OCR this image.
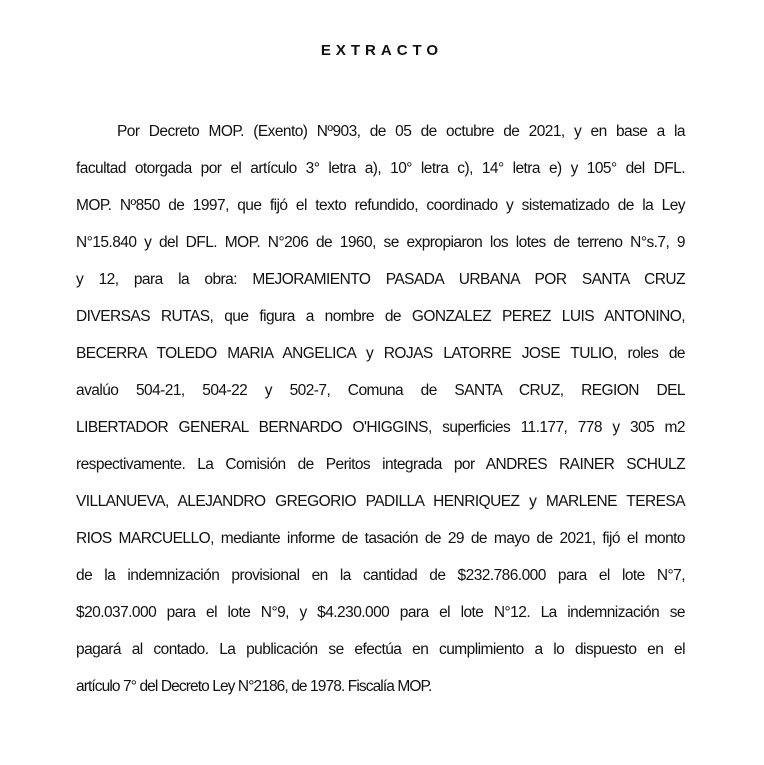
EXTRACTO
Por Decreto MOP. (Exento) Nº903, de 05 de octubre de 2021, y en base a la
facultad otorgada por el artículo 3° letra a), 10° letra c), 14° letra e) y 105° del DFL.
MOP. Nº850 de 1997, que fijó el texto refundido, coordinado y sistematizado de la Ley
N°15.840 y del DFL. MOP. N°206 de 1960, se expropiaron los lotes de terreno N°s.7, 9
y 12, para la obra: MEJORAMIENTO PASADA URBANA POR SANTA CRUZ
DIVERSAS RUTAS, que figura a nombre de GONZALEZ PEREZ LUIS ANTONINO,
BECERRA TOLEDO MARIA ANGELICA y ROJAS LATORRE JOSE TULIO, roles de
avalúo 504-21, 504-22 y 502-7, Comuna de SANTA CRUZ, REGION DEL
LIBERTADOR GENERAL BERNARDO O'HIGGINS, superficies 11.177, 778 y 305 m2
respectivamente. La Comisión de Peritos integrada por ANDRES RAINER SCHULZ
VILLANUEVA, ALEJANDRO GREGORIO PADILLA HENRIQUEZ y MARLENE TERESA
RIOS MARCUELLO, mediante informe de tasación de 29 de mayo de 2021, fijó el monto
de la indemnización provisional en la cantidad de $232.786.000 para el lote N°7,
$20.037.000 para el lote N°9, y $4.230.000 para el lote N°12. La indemnización se
pagará al contado. La publicación se efectúa en cumplimiento a lo dispuesto en el
artículo 7° del Decreto Ley N°2186, de 1978. Fiscalía MOP.
